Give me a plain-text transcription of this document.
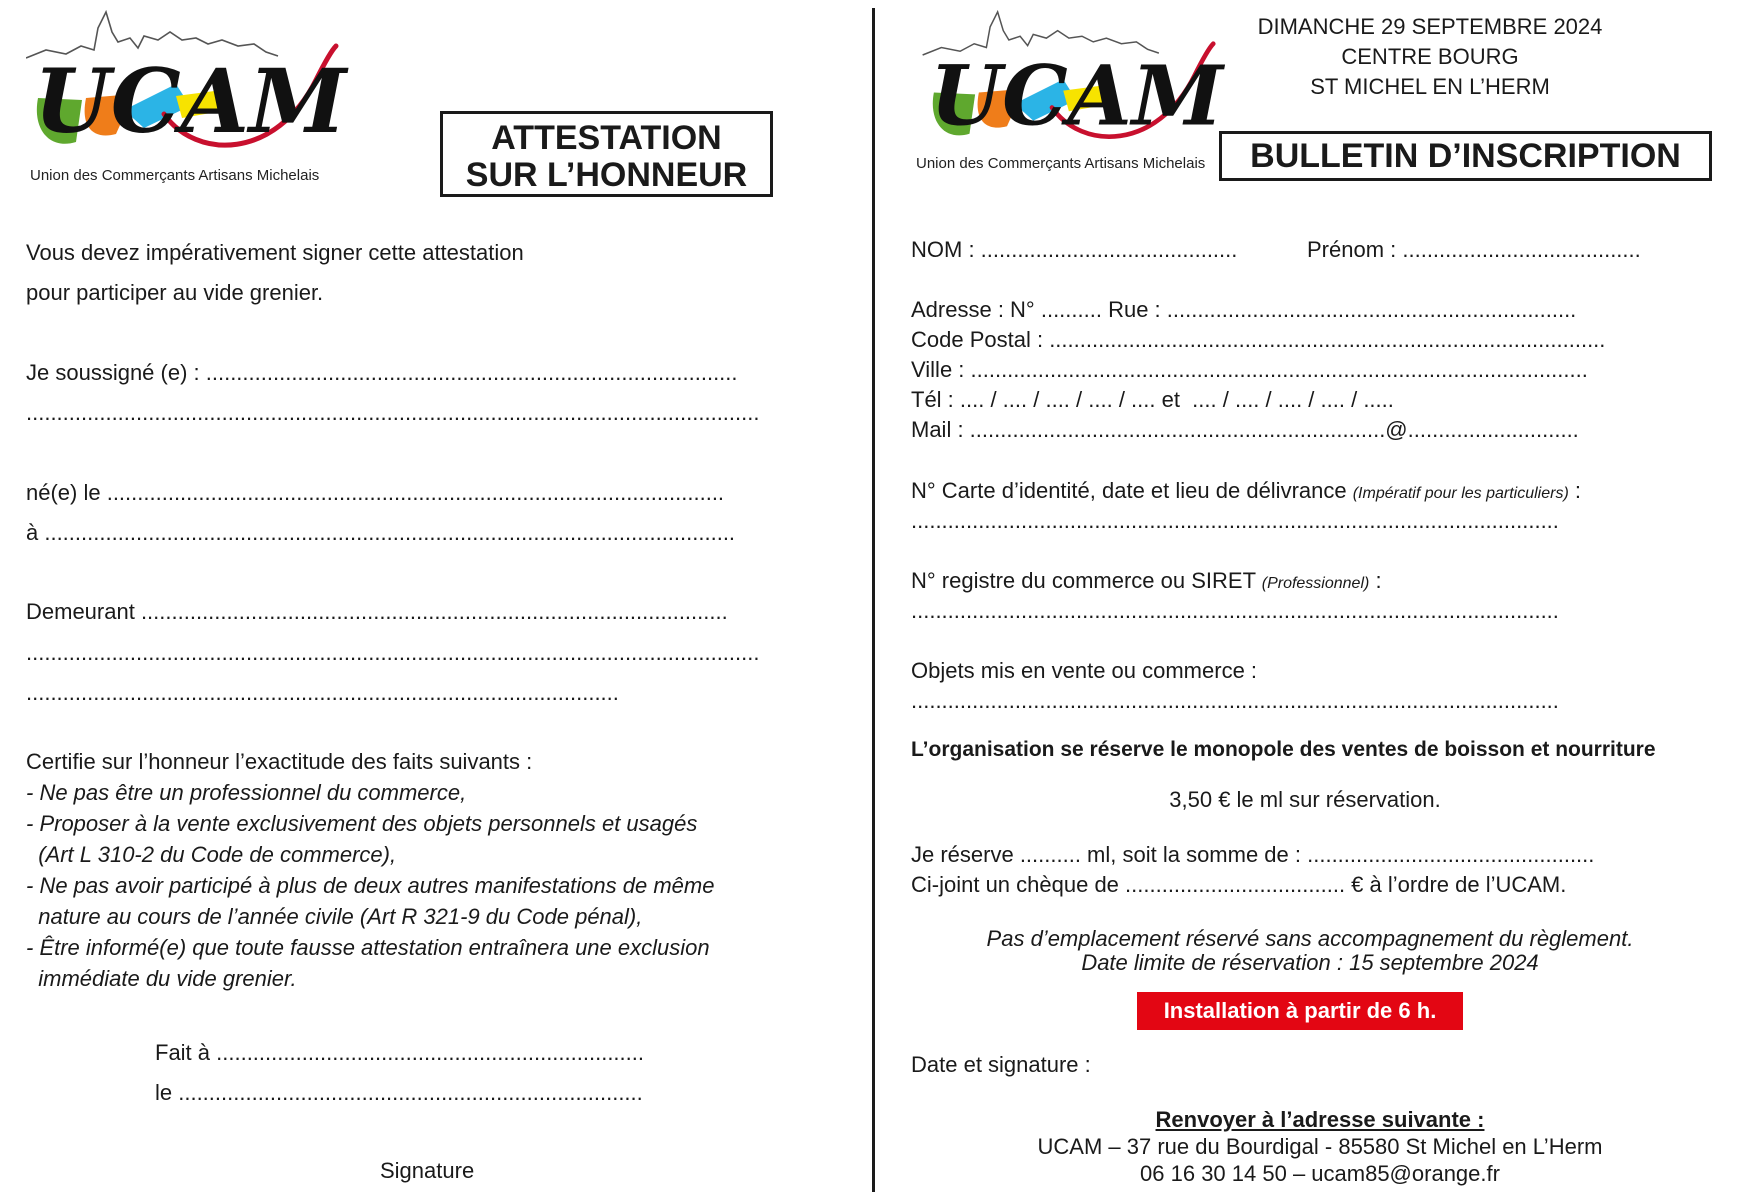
UCAM
Union des Commerçants Artisans Michelais
ATTESTATION
SUR L’HONNEUR
Vous devez impérativement signer cette attestation
pour participer au vide grenier.
Je soussigné (e) : .......................................................................................
........................................................................................................................
né(e) le .....................................................................................................
à .................................................................................................................
Demeurant ................................................................................................
........................................................................................................................
.................................................................................................
Certifie sur l’honneur l’exactitude des faits suivants :
- Ne pas être un professionnel du commerce,
- Proposer à la vente exclusivement des objets personnels et usagés
(Art L 310-2 du Code de commerce),
- Ne pas avoir participé à plus de deux autres manifestations de même
nature au cours de l’année civile (Art R 321-9 du Code pénal),
- Être informé(e) que toute fausse attestation entraînera une exclusion
immédiate du vide grenier.
Fait à ......................................................................
le ............................................................................
Signature
UCAM
Union des Commerçants Artisans Michelais
DIMANCHE 29 SEPTEMBRE 2024
CENTRE BOURG
ST MICHEL EN L’HERM
BULLETIN D’INSCRIPTION
NOM : ..........................................	Prénom : .......................................
Adresse : N° .......... Rue : ...................................................................
Code Postal : ...........................................................................................
Ville : .....................................................................................................
Tél : .... / .... / .... / .... / .... et  .... / .... / .... / .... / .....
Mail : ....................................................................@............................
N° Carte d’identité, date et lieu de délivrance (Impératif pour les particuliers) :
..........................................................................................................
N° registre du commerce ou SIRET (Professionnel) :
..........................................................................................................
Objets mis en vente ou commerce :
..........................................................................................................
L’organisation se réserve le monopole des ventes de boisson et nourriture
3,50 € le ml sur réservation.
Je réserve .......... ml, soit la somme de : ...............................................
Ci-joint un chèque de .................................... € à l’ordre de l’UCAM.
Pas d’emplacement réservé sans accompagnement du règlement.
Date limite de réservation : 15 septembre 2024
Installation à partir de 6 h.
Date et signature :
Renvoyer à l’adresse suivante :
UCAM – 37 rue du Bourdigal - 85580 St Michel en L’Herm
06 16 30 14 50 – ucam85@orange.fr
